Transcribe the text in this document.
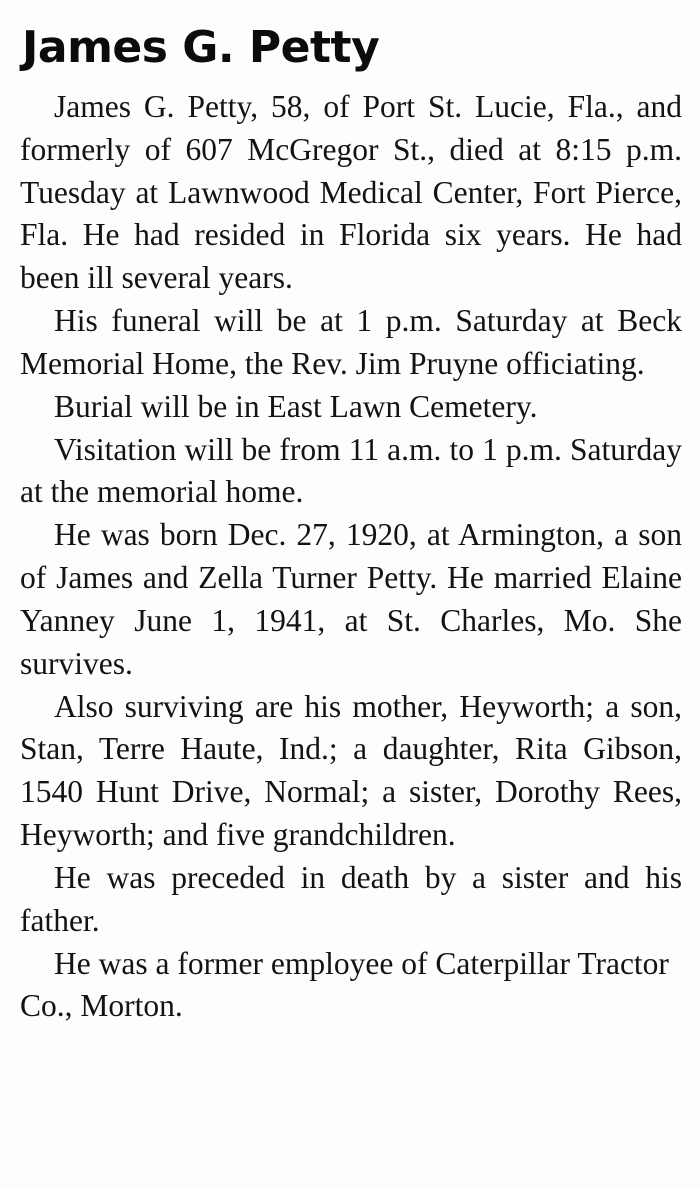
James G. Petty

James G. Petty, 58, of Port St. Lucie, Fla., and formerly of 607 McGregor St., died at 8:15 p.m. Tuesday at Lawnwood Medical Center, Fort Pierce, Fla. He had resided in Florida six years. He had been ill several years.

His funeral will be at 1 p.m. Saturday at Beck Memorial Home, the Rev. Jim Pruyne officiating.

Burial will be in East Lawn Cemetery.

Visitation will be from 11 a.m. to 1 p.m. Saturday at the memorial home.

He was born Dec. 27, 1920, at Armington, a son of James and Zella Turner Petty. He married Elaine Yanney June 1, 1941, at St. Charles, Mo. She survives.

Also surviving are his mother, Heyworth; a son, Stan, Terre Haute, Ind.; a daughter, Rita Gibson, 1540 Hunt Drive, Normal; a sister, Dorothy Rees, Heyworth; and five grandchildren.

He was preceded in death by a sister and his father.

He was a former employee of Caterpillar Tractor Co., Morton.
